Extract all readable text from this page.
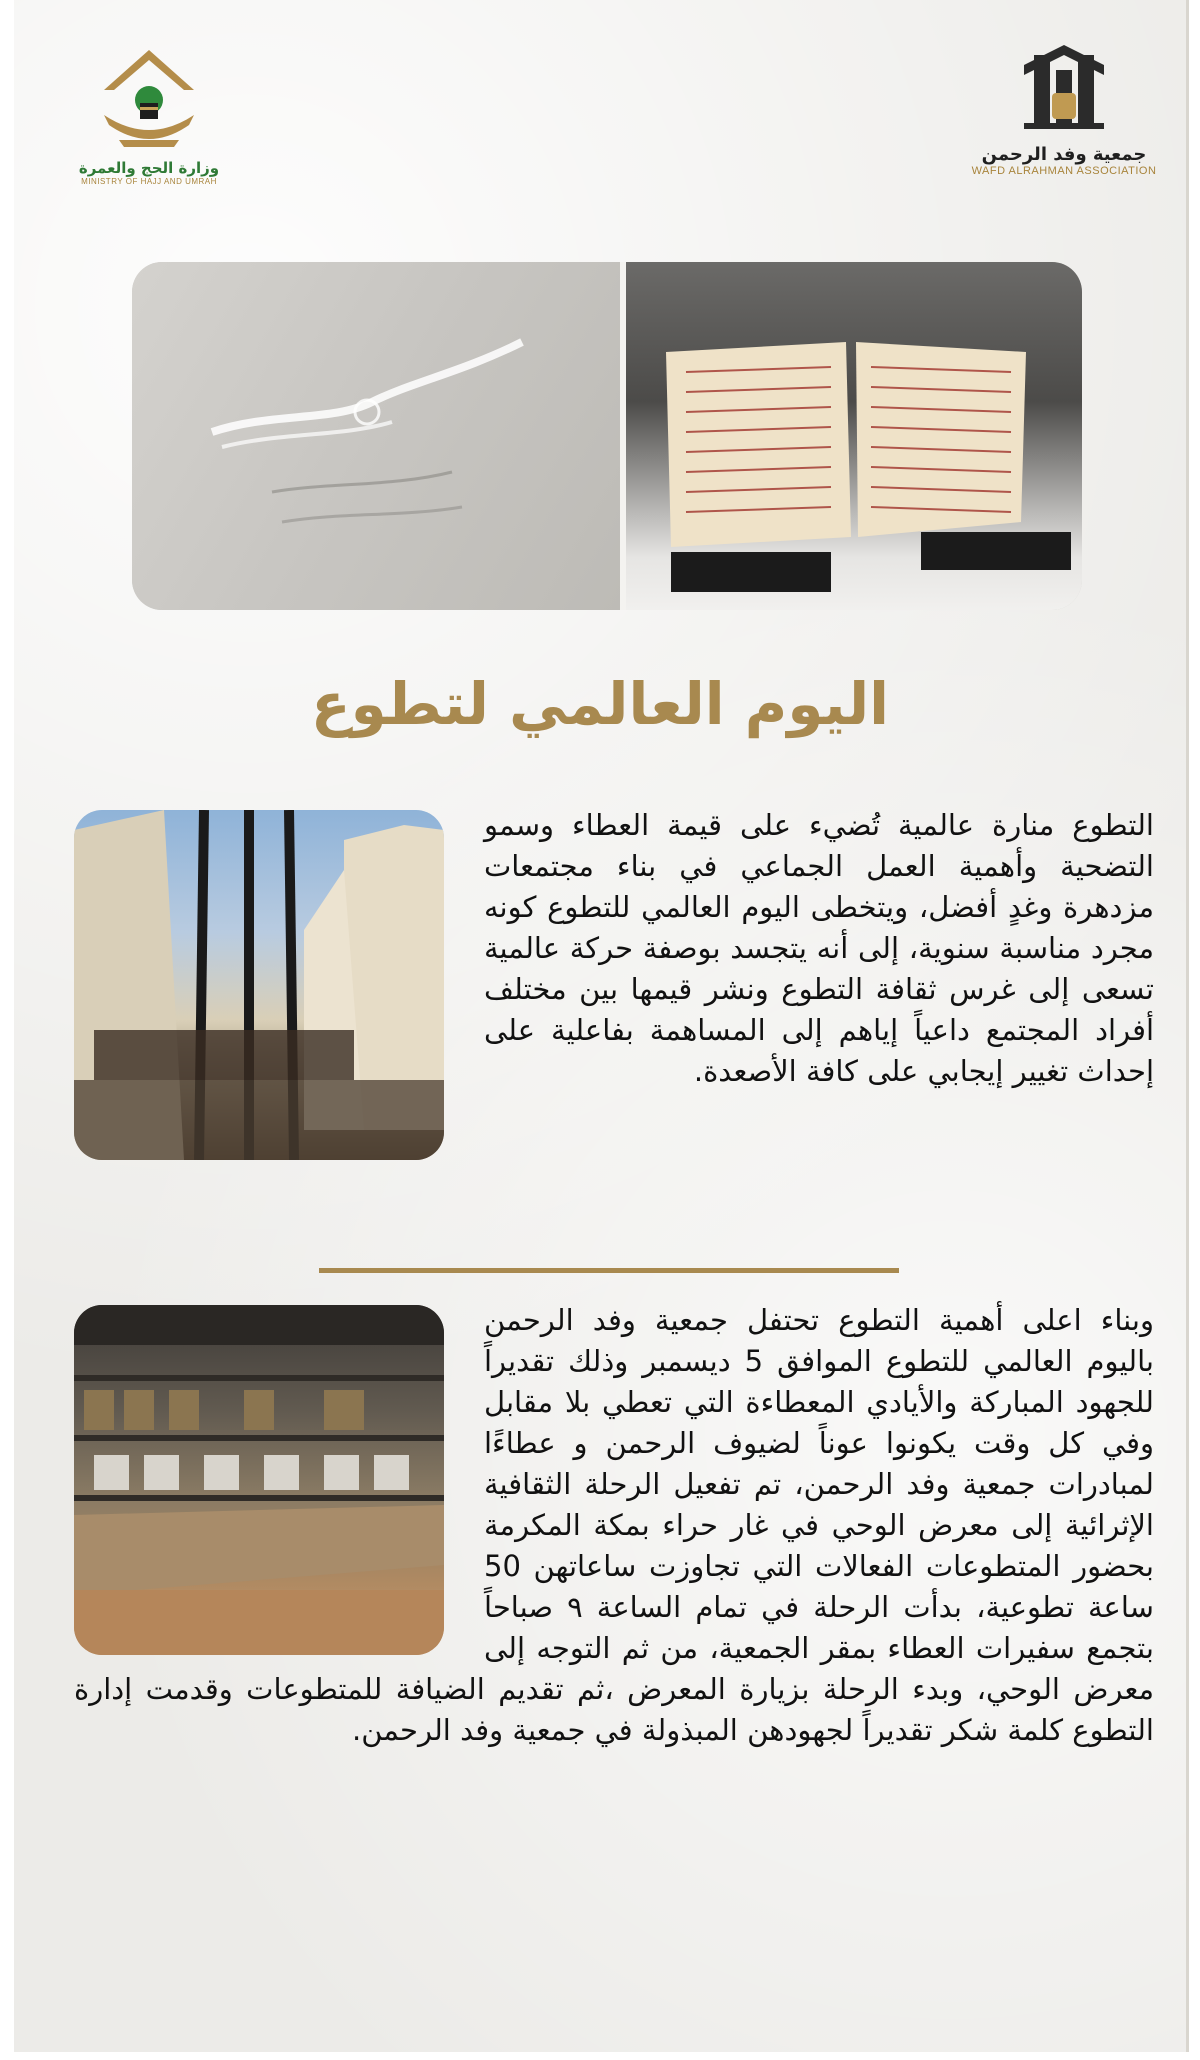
جمعية وفد الرحمن
WAFD ALRAHMAN ASSOCIATION
وزارة الحج والعمرة
MINISTRY OF HAJJ AND UMRAH
اليوم العالمي لتطوع
التطوع منارة عالمية تُضيء على قيمة العطاء وسمو التضحية وأهمية العمل الجماعي في بناء مجتمعات مزدهرة وغدٍ أفضل، ويتخطى اليوم العالمي للتطوع كونه مجرد مناسبة سنوية، إلى أنه يتجسد بوصفة حركة عالمية تسعى إلى غرس ثقافة التطوع ونشر قيمها بين مختلف أفراد المجتمع داعياً إياهم إلى المساهمة بفاعلية على إحداث تغيير إيجابي على كافة الأصعدة.
وبناء اعلى أهمية التطوع تحتفل جمعية وفد الرحمن باليوم العالمي للتطوع الموافق 5 ديسمبر وذلك تقديراً للجهود المباركة والأيادي المعطاءة التي تعطي بلا مقابل وفي كل وقت يكونوا عوناً لضيوف الرحمن و عطاءًا لمبادرات جمعية وفد الرحمن، تم تفعيل الرحلة الثقافية الإثرائية إلى معرض الوحي في غار حراء بمكة المكرمة بحضور المتطوعات الفعالات التي تجاوزت ساعاتهن 50 ساعة تطوعية، بدأت الرحلة في تمام الساعة ٩ صباحاً بتجمع سفيرات العطاء بمقر الجمعية، من ثم التوجه إلى معرض الوحي، وبدء الرحلة بزيارة المعرض ،ثم تقديم الضيافة للمتطوعات وقدمت إدارة التطوع كلمة شكر تقديراً لجهودهن المبذولة في جمعية وفد الرحمن.
